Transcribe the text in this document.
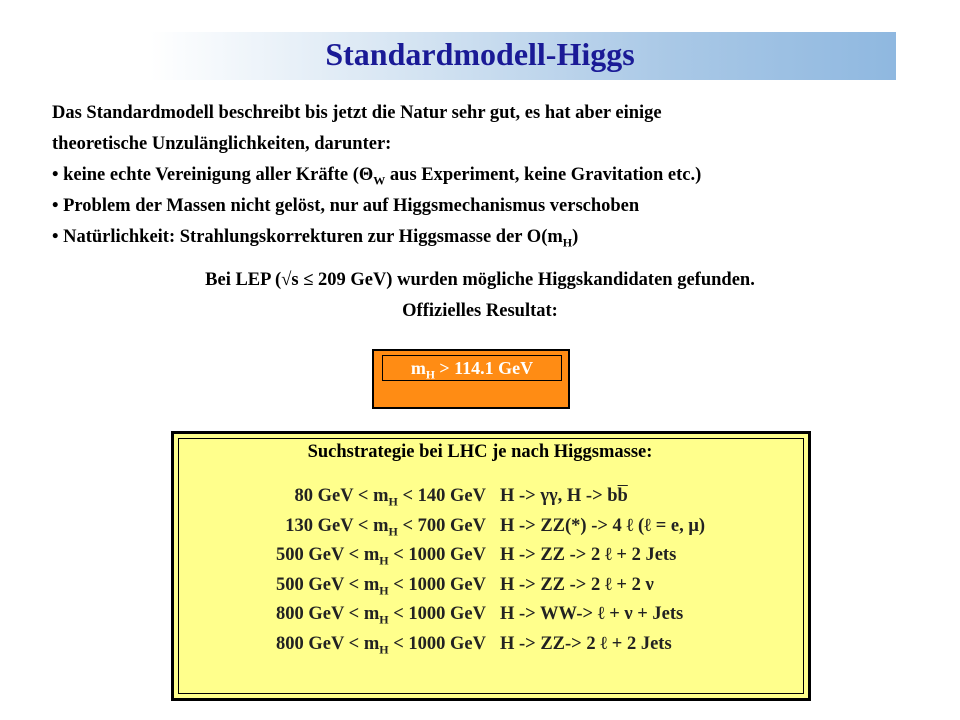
Standardmodell-Higgs
Das Standardmodell beschreibt bis jetzt die Natur sehr gut, es hat aber einige
theoretische Unzulänglichkeiten, darunter:
• keine echte Vereinigung aller Kräfte ($\Theta_W$ aus Experiment, keine Gravitation etc.)
• Problem der Massen nicht gelöst, nur auf Higgsmechanismus verschoben
• Natürlichkeit: Strahlungskorrekturen zur Higgsmasse der $O(m_H)$
Bei LEP (√s ≤ 209 GeV) wurden mögliche Higgskandidaten gefunden.
Offizielles Resultat:
$m_H > 114.1$ GeV
Suchstrategie bei LHC je nach Higgsmasse:
80 GeV < $m_H < 140$ GeV H -> γγ, $H -> b\overline{b}$
130 GeV < $m_H < 700$ GeV H -> ZZ(*) -> 4 ℓ (ℓ = e, μ)
500 GeV < $m_H < 1000$ GeV H -> ZZ -> 2 ℓ + 2 Jets
500 GeV < $m_H < 1000$ GeV H -> ZZ -> 2 ℓ + 2 ν
800 GeV < $m_H < 1000$ GeV H -> WW-> ℓ + ν + Jets
800 GeV < $m_H < 1000$ GeV H -> ZZ-> 2 ℓ + 2 Jets
